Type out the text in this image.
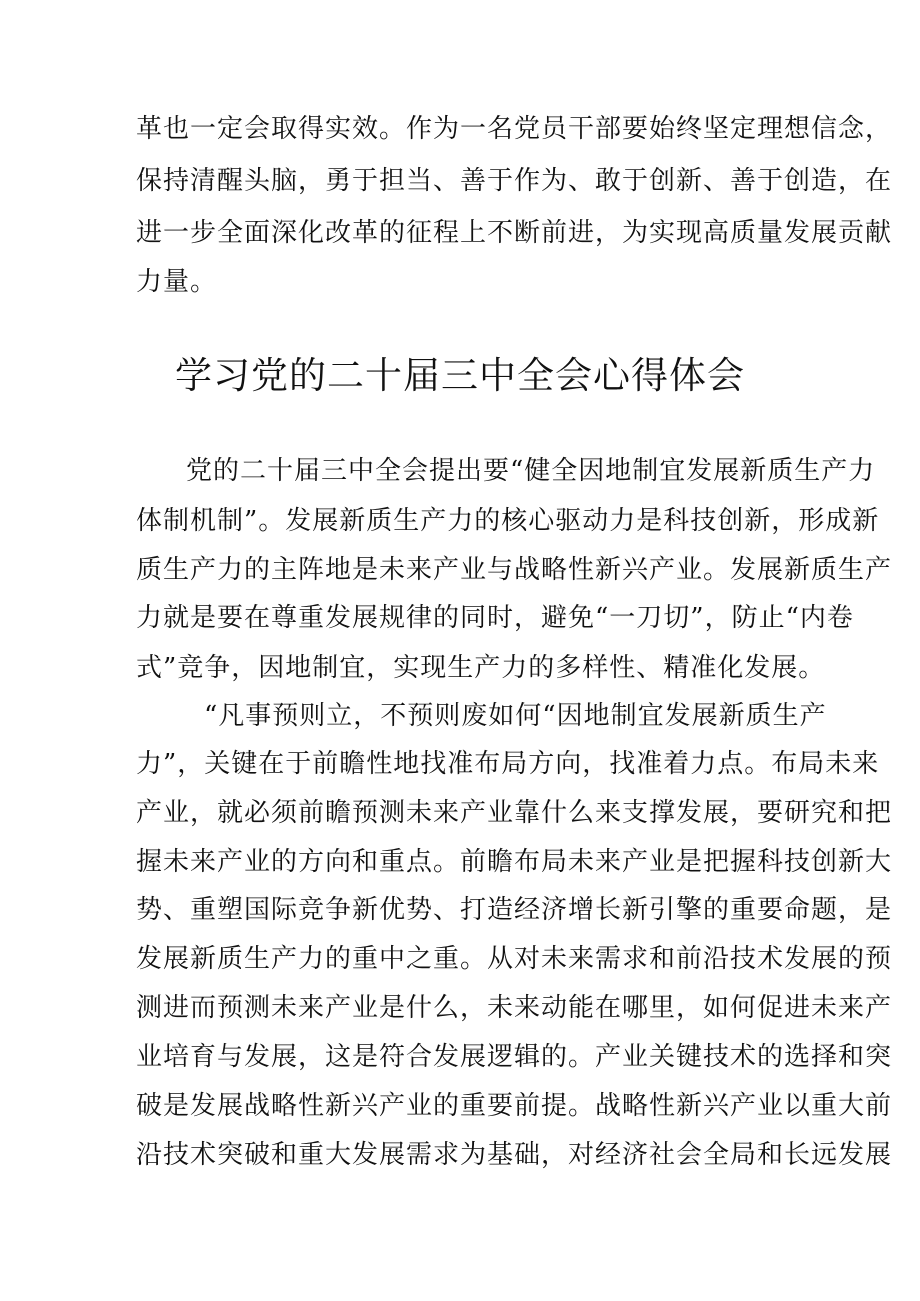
革也一定会取得实效。作为一名党员干部要始终坚定理想信念，
保持清醒头脑，勇于担当、善于作为、敢于创新、善于创造，在
进一步全面深化改革的征程上不断前进，为实现高质量发展贡献
力量。
学习党的二十届三中全会心得体会
党的二十届三中全会提出要“健全因地制宜发展新质生产力
体制机制”。发展新质生产力的核心驱动力是科技创新，形成新
质生产力的主阵地是未来产业与战略性新兴产业。发展新质生产
力就是要在尊重发展规律的同时，避免“一刀切”，防止“内卷
式”竞争，因地制宜，实现生产力的多样性、精准化发展。
“凡事预则立，不预则废如何“因地制宜发展新质生产
力”，关键在于前瞻性地找准布局方向，找准着力点。布局未来
产业，就必须前瞻预测未来产业靠什么来支撑发展，要研究和把
握未来产业的方向和重点。前瞻布局未来产业是把握科技创新大
势、重塑国际竞争新优势、打造经济增长新引擎的重要命题，是
发展新质生产力的重中之重。从对未来需求和前沿技术发展的预
测进而预测未来产业是什么，未来动能在哪里，如何促进未来产
业培育与发展，这是符合发展逻辑的。产业关键技术的选择和突
破是发展战略性新兴产业的重要前提。战略性新兴产业以重大前
沿技术突破和重大发展需求为基础，对经济社会全局和长远发展
